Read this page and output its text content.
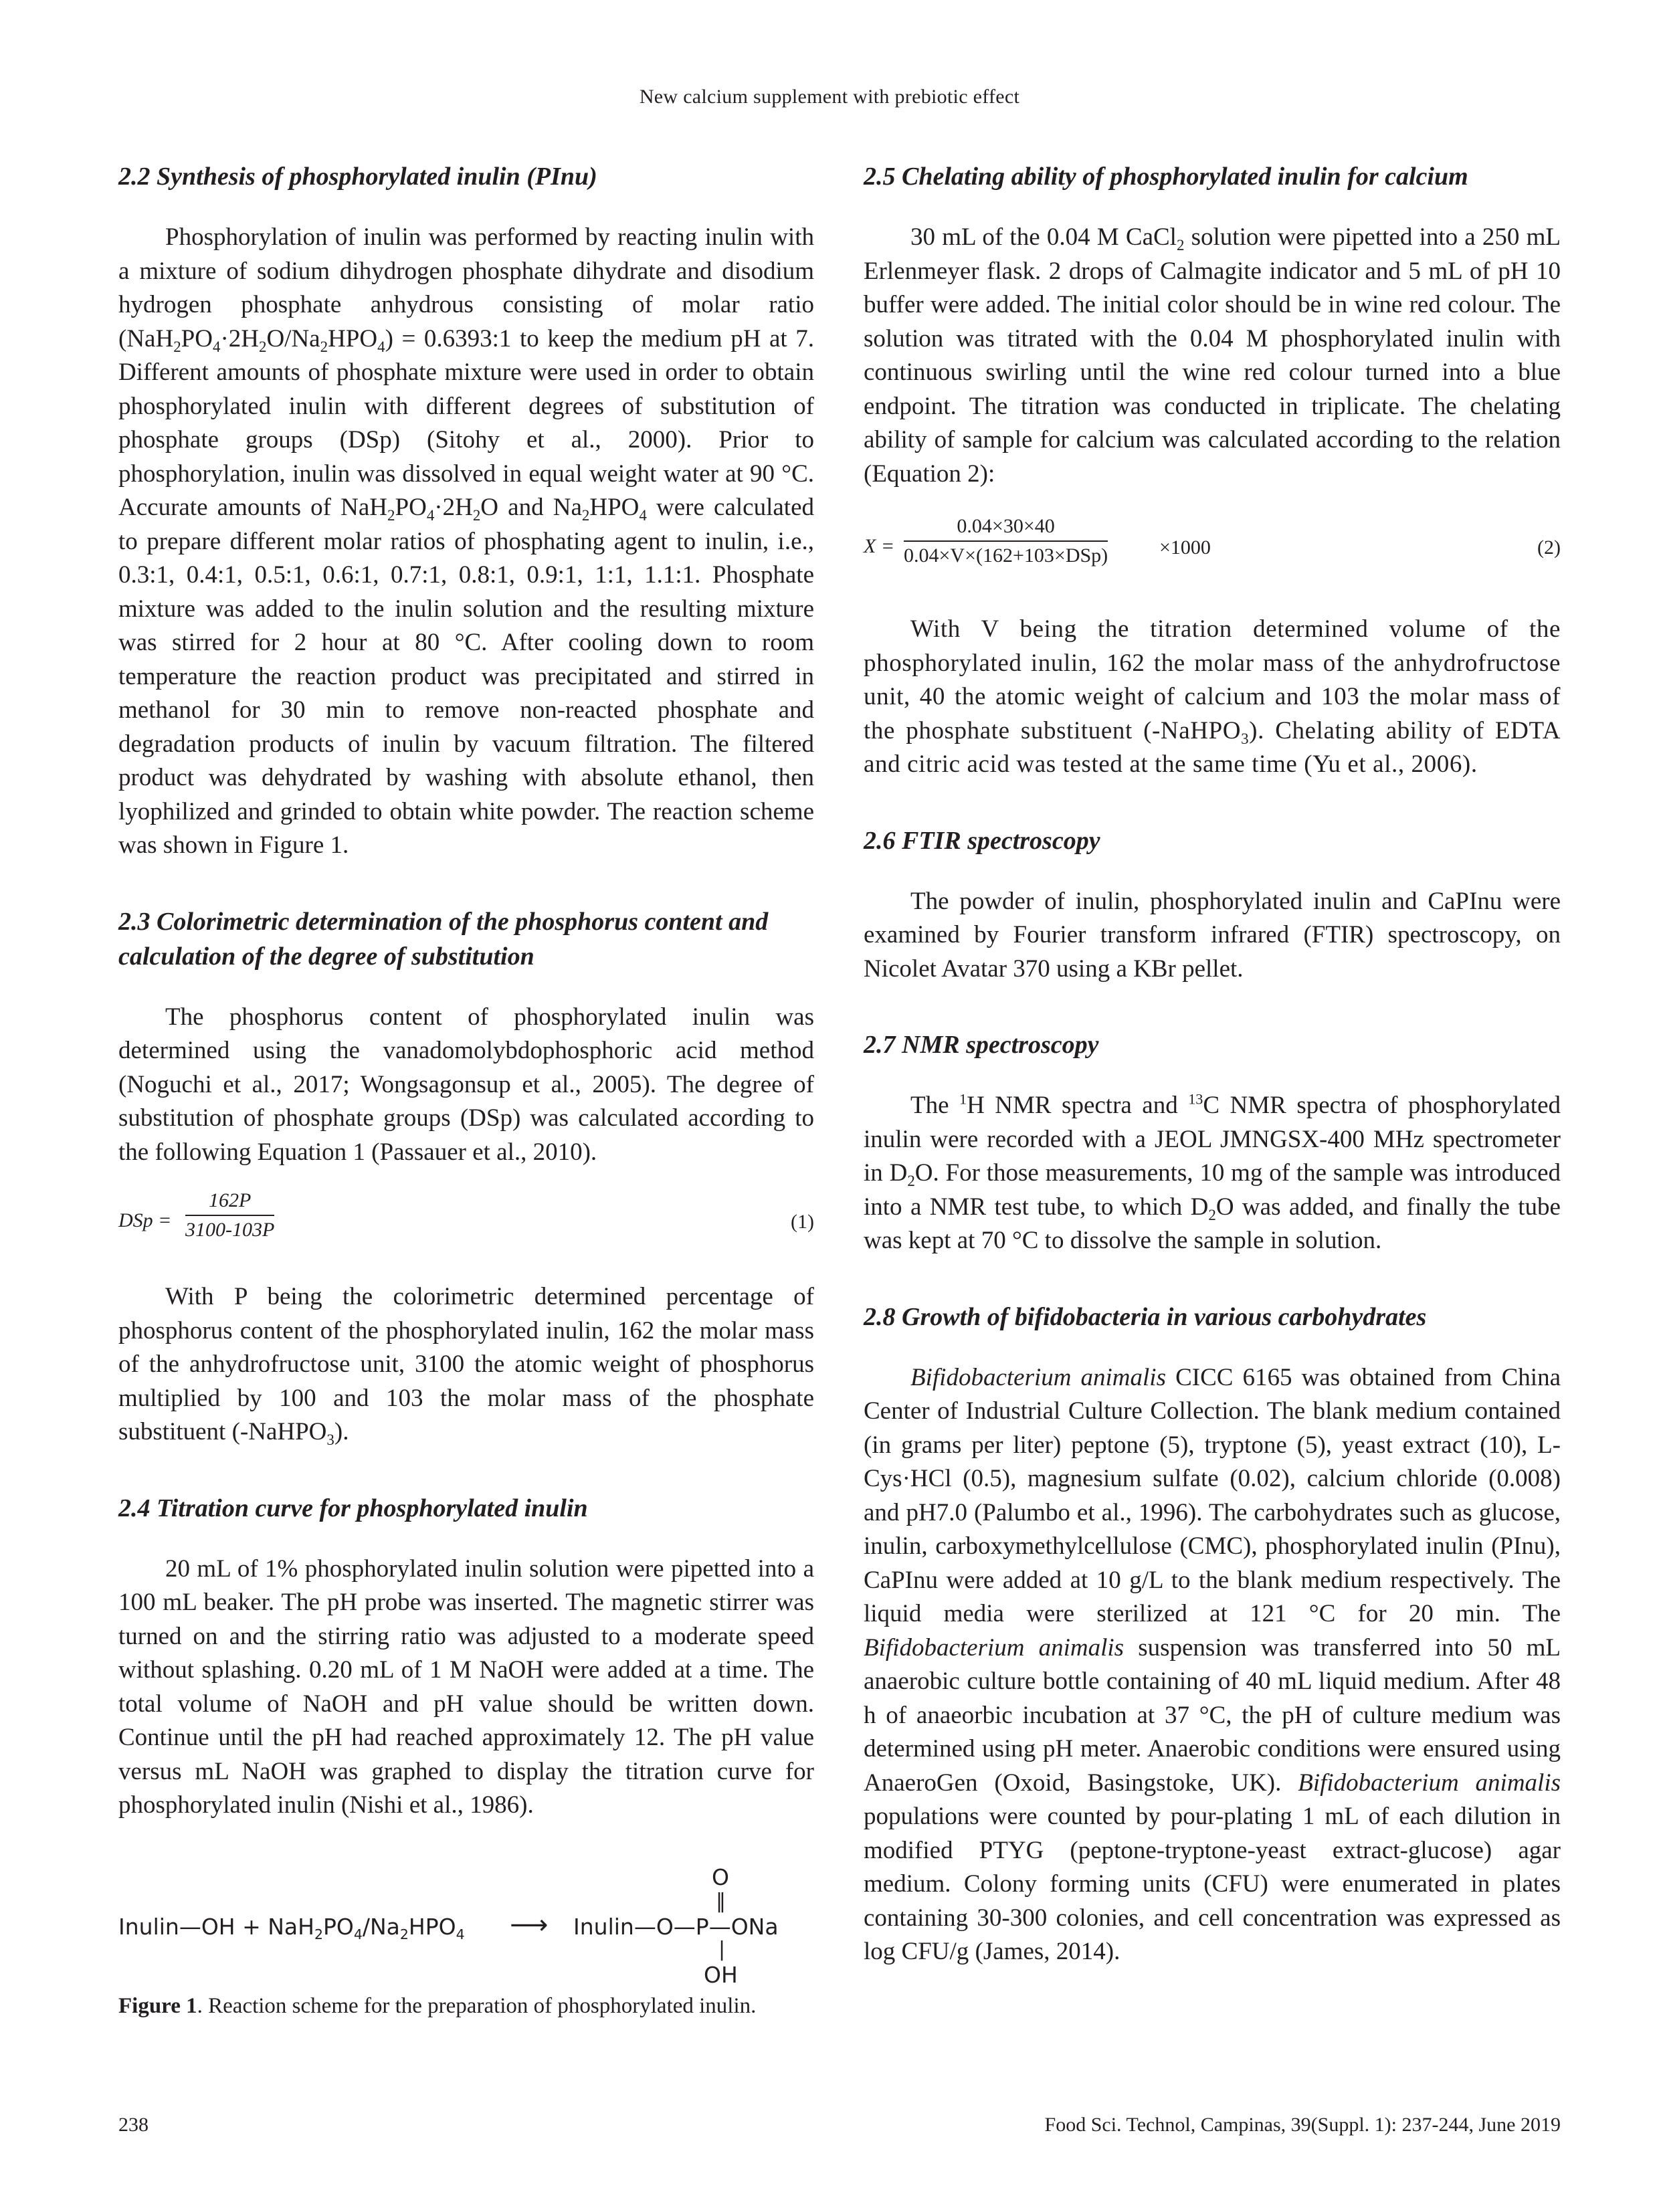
New calcium supplement with prebiotic effect
2.2 Synthesis of phosphorylated inulin (PInu)

Phosphorylation of inulin was performed by reacting inulin with a mixture of sodium dihydrogen phosphate dihydrate and disodium hydrogen phosphate anhydrous consisting of molar ratio $(NaH_2PO_4\cdot 2H_2O/Na_2HPO_4)$ = 0.6393:1 to keep the medium pH at 7. Different amounts of phosphate mixture were used in order to obtain phosphorylated inulin with different degrees of substitution of phosphate groups (DSp) (Sitohy et al., 2000). Prior to phosphorylation, inulin was dissolved in equal weight water at 90 °C. Accurate amounts of $NaH_2PO_4\cdot 2H_2O$ and $Na_2HPO_4$ were calculated to prepare different molar ratios of phosphating agent to inulin, i.e., 0.3:1, 0.4:1, 0.5:1, 0.6:1, 0.7:1, 0.8:1, 0.9:1, 1:1, 1.1:1. Phosphate mixture was added to the inulin solution and the resulting mixture was stirred for 2 hour at 80 °C. After cooling down to room temperature the reaction product was precipitated and stirred in methanol for 30 min to remove non-reacted phosphate and degradation products of inulin by vacuum filtration. The filtered product was dehydrated by washing with absolute ethanol, then lyophilized and grinded to obtain white powder. The reaction scheme was shown in Figure 1.

2.3 Colorimetric determination of the phosphorus content and calculation of the degree of substitution

The phosphorus content of phosphorylated inulin was determined using the vanadomolybdophosphoric acid method (Noguchi et al., 2017; Wongsagonsup et al., 2005). The degree of substitution of phosphate groups (DSp) was calculated according to the following Equation 1 (Passauer et al., 2010).

DSp = $\frac{162P}{3100-103P}$	(1)

With P being the colorimetric determined percentage of phosphorus content of the phosphorylated inulin, 162 the molar mass of the anhydrofructose unit, 3100 the atomic weight of phosphorus multiplied by 100 and 103 the molar mass of the phosphate substituent (-NaHPO$_3$).

2.4 Titration curve for phosphorylated inulin

20 mL of 1% phosphorylated inulin solution were pipetted into a 100 mL beaker. The pH probe was inserted. The magnetic stirrer was turned on and the stirring ratio was adjusted to a moderate speed without splashing. 0.20 mL of 1 M NaOH were added at a time. The total volume of NaOH and pH value should be written down. Continue until the pH had reached approximately 12. The pH value versus mL NaOH was graphed to display the titration curve for phosphorylated inulin (Nishi et al., 1986).

Inulin—OH + $NaH_2PO_4/Na_2HPO_4$ ⟶ Inulin—O—P—ONa
O
‖
|
OH
Figure 1. Reaction scheme for the preparation of phosphorylated inulin.
2.5 Chelating ability of phosphorylated inulin for calcium

30 mL of the 0.04 M CaCl$_2$ solution were pipetted into a 250 mL Erlenmeyer flask. 2 drops of Calmagite indicator and 5 mL of pH 10 buffer were added. The initial color should be in wine red colour. The solution was titrated with the 0.04 M phosphorylated inulin with continuous swirling until the wine red colour turned into a blue endpoint. The titration was conducted in triplicate. The chelating ability of sample for calcium was calculated according to the relation (Equation 2):

X =
0.04×30×40
0.04×V×(162+103×DSp)	×1000	(2)

With V being the titration determined volume of the phosphorylated inulin, 162 the molar mass of the anhydrofructose unit, 40 the atomic weight of calcium and 103 the molar mass of the phosphate substituent (-NaHPO$_3$). Chelating ability of EDTA and citric acid was tested at the same time (Yu et al., 2006).

2.6 FTIR spectroscopy

The powder of inulin, phosphorylated inulin and CaPInu were examined by Fourier transform infrared (FTIR) spectroscopy, on Nicolet Avatar 370 using a KBr pellet.

2.7 NMR spectroscopy

The $^1$H NMR spectra and $^{13}$C NMR spectra of phosphorylated inulin were recorded with a JEOL JMNGSX-400 MHz spectrometer in $D_2O$. For those measurements, 10 mg of the sample was introduced into a NMR test tube, to which $D_2O$ was added, and finally the tube was kept at 70 °C to dissolve the sample in solution.

2.8 Growth of bifidobacteria in various carbohydrates

Bifidobacterium animalis CICC 6165 was obtained from China Center of Industrial Culture Collection. The blank medium contained (in grams per liter) peptone (5), tryptone (5), yeast extract (10), L-Cys·HCl (0.5), magnesium sulfate (0.02), calcium chloride (0.008) and pH7.0 (Palumbo et al., 1996). The carbohydrates such as glucose, inulin, carboxymethylcellulose (CMC), phosphorylated inulin (PInu), CaPInu were added at 10 g/L to the blank medium respectively. The liquid media were sterilized at 121 °C for 20 min. The Bifidobacterium animalis suspension was transferred into 50 mL anaerobic culture bottle containing of 40 mL liquid medium. After 48 h of anaeorbic incubation at 37 °C, the pH of culture medium was determined using pH meter. Anaerobic conditions were ensured using AnaeroGen (Oxoid, Basingstoke, UK). Bifidobacterium animalis populations were counted by pour-plating 1 mL of each dilution in modified PTYG (peptone-tryptone-yeast extract-glucose) agar medium. Colony forming units (CFU) were enumerated in plates containing 30-300 colonies, and cell concentration was expressed as log CFU/g (James, 2014).

238	Food Sci. Technol, Campinas, 39(Suppl. 1): 237-244, June 2019
